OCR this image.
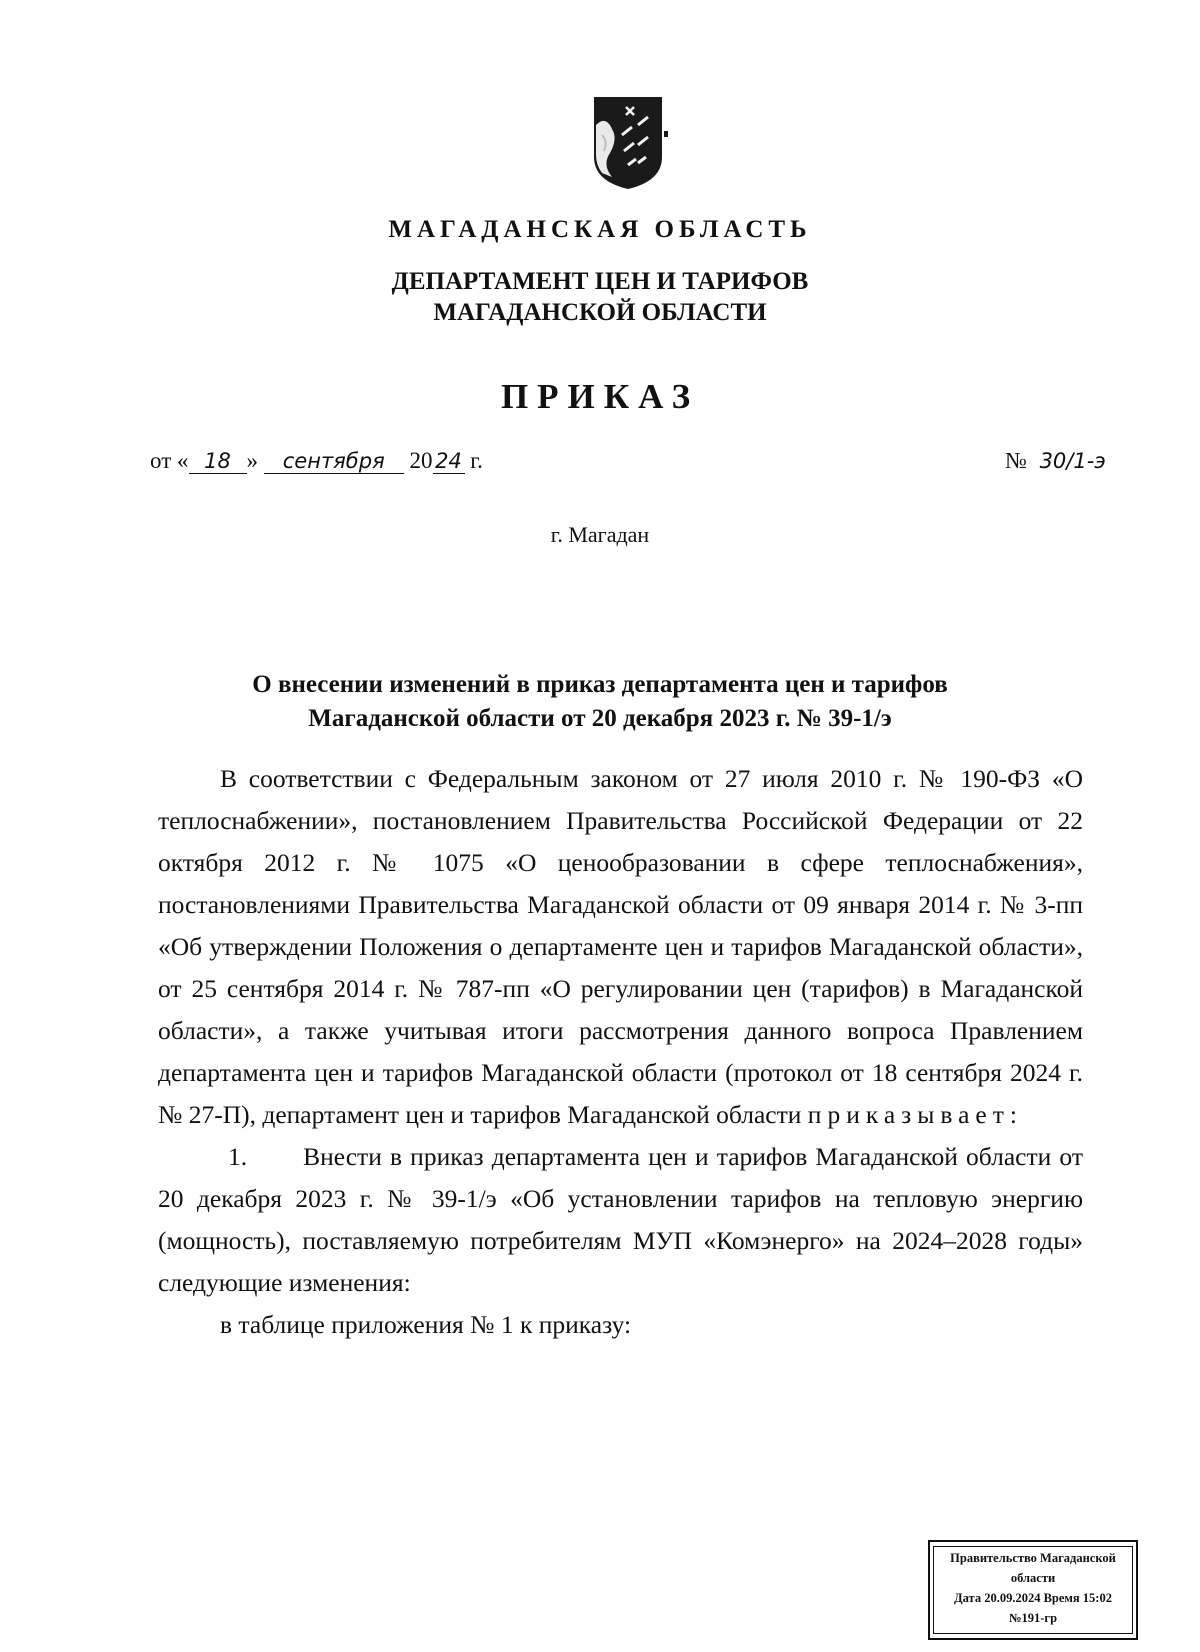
МАГАДАНСКАЯ ОБЛАСТЬ
ДЕПАРТАМЕНТ ЦЕН И ТАРИФОВ
МАГАДАНСКОЙ ОБЛАСТИ
ПРИКАЗ
от « 18 » сентября 20 24 г.	№ 30/1-э
г. Магадан
О внесении изменений в приказ департамента цен и тарифов
Магаданской области от 20 декабря 2023 г. № 39-1/э

В соответствии с Федеральным законом от 27 июля 2010 г. № 190-ФЗ «О теплоснабжении», постановлением Правительства Российской Федерации от 22 октября 2012 г. № 1075 «О ценообразовании в сфере теплоснабжения», постановлениями Правительства Магаданской области от 09 января 2014 г. № 3-пп «Об утверждении Положения о департаменте цен и тарифов Магаданской области», от 25 сентября 2014 г. № 787-пп «О регулировании цен (тарифов) в Магаданской области», а также учитывая итоги рассмотрения данного вопроса Правлением департамента цен и тарифов Магаданской области (протокол от 18 сентября 2024 г. № 27-П), департамент цен и тарифов Магаданской области приказывает:

1. Внести в приказ департамента цен и тарифов Магаданской области от 20 декабря 2023 г. № 39-1/э «Об установлении тарифов на тепловую энергию (мощность), поставляемую потребителям МУП «Комэнерго» на 2024–2028 годы» следующие изменения:

в таблице приложения № 1 к приказу:

Правительство Магаданской
области
Дата 20.09.2024 Время 15:02
№191-гр
